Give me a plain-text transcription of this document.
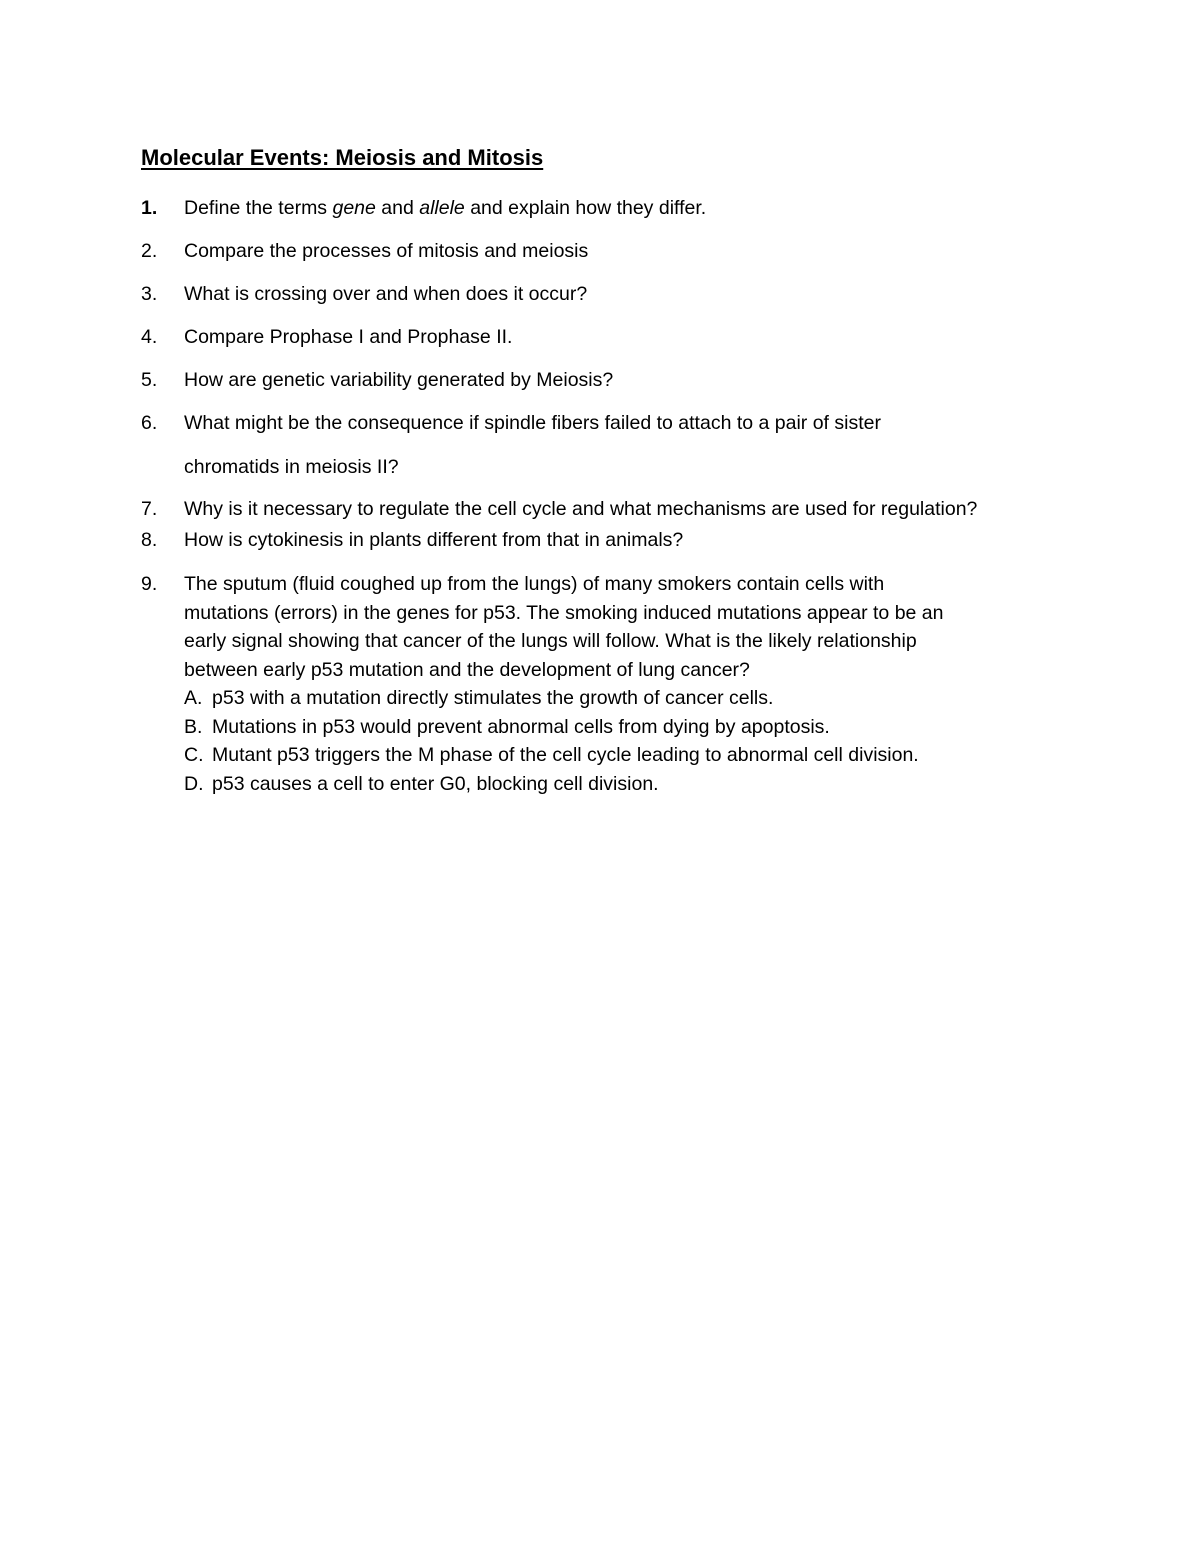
Molecular Events: Meiosis and Mitosis
1.	Define the terms gene and allele and explain how they differ.
2.	Compare the processes of mitosis and meiosis
3.	What is crossing over and when does it occur?
4.	Compare Prophase I and Prophase II.
5.	How are genetic variability generated by Meiosis?
6.	What might be the consequence if spindle fibers failed to attach to a pair of sister
chromatids in meiosis II?
7.	Why is it necessary to regulate the cell cycle and what mechanisms are used for regulation?
8.	How is cytokinesis in plants different from that in animals?
9.	The sputum (fluid coughed up from the lungs) of many smokers contain cells with
mutations (errors) in the genes for p53. The smoking induced mutations appear to be an
early signal showing that cancer of the lungs will follow. What is the likely relationship
between early p53 mutation and the development of lung cancer?
A. p53 with a mutation directly stimulates the growth of cancer cells.
B. Mutations in p53 would prevent abnormal cells from dying by apoptosis.
C. Mutant p53 triggers the M phase of the cell cycle leading to abnormal cell division.
D. p53 causes a cell to enter G0, blocking cell division.
